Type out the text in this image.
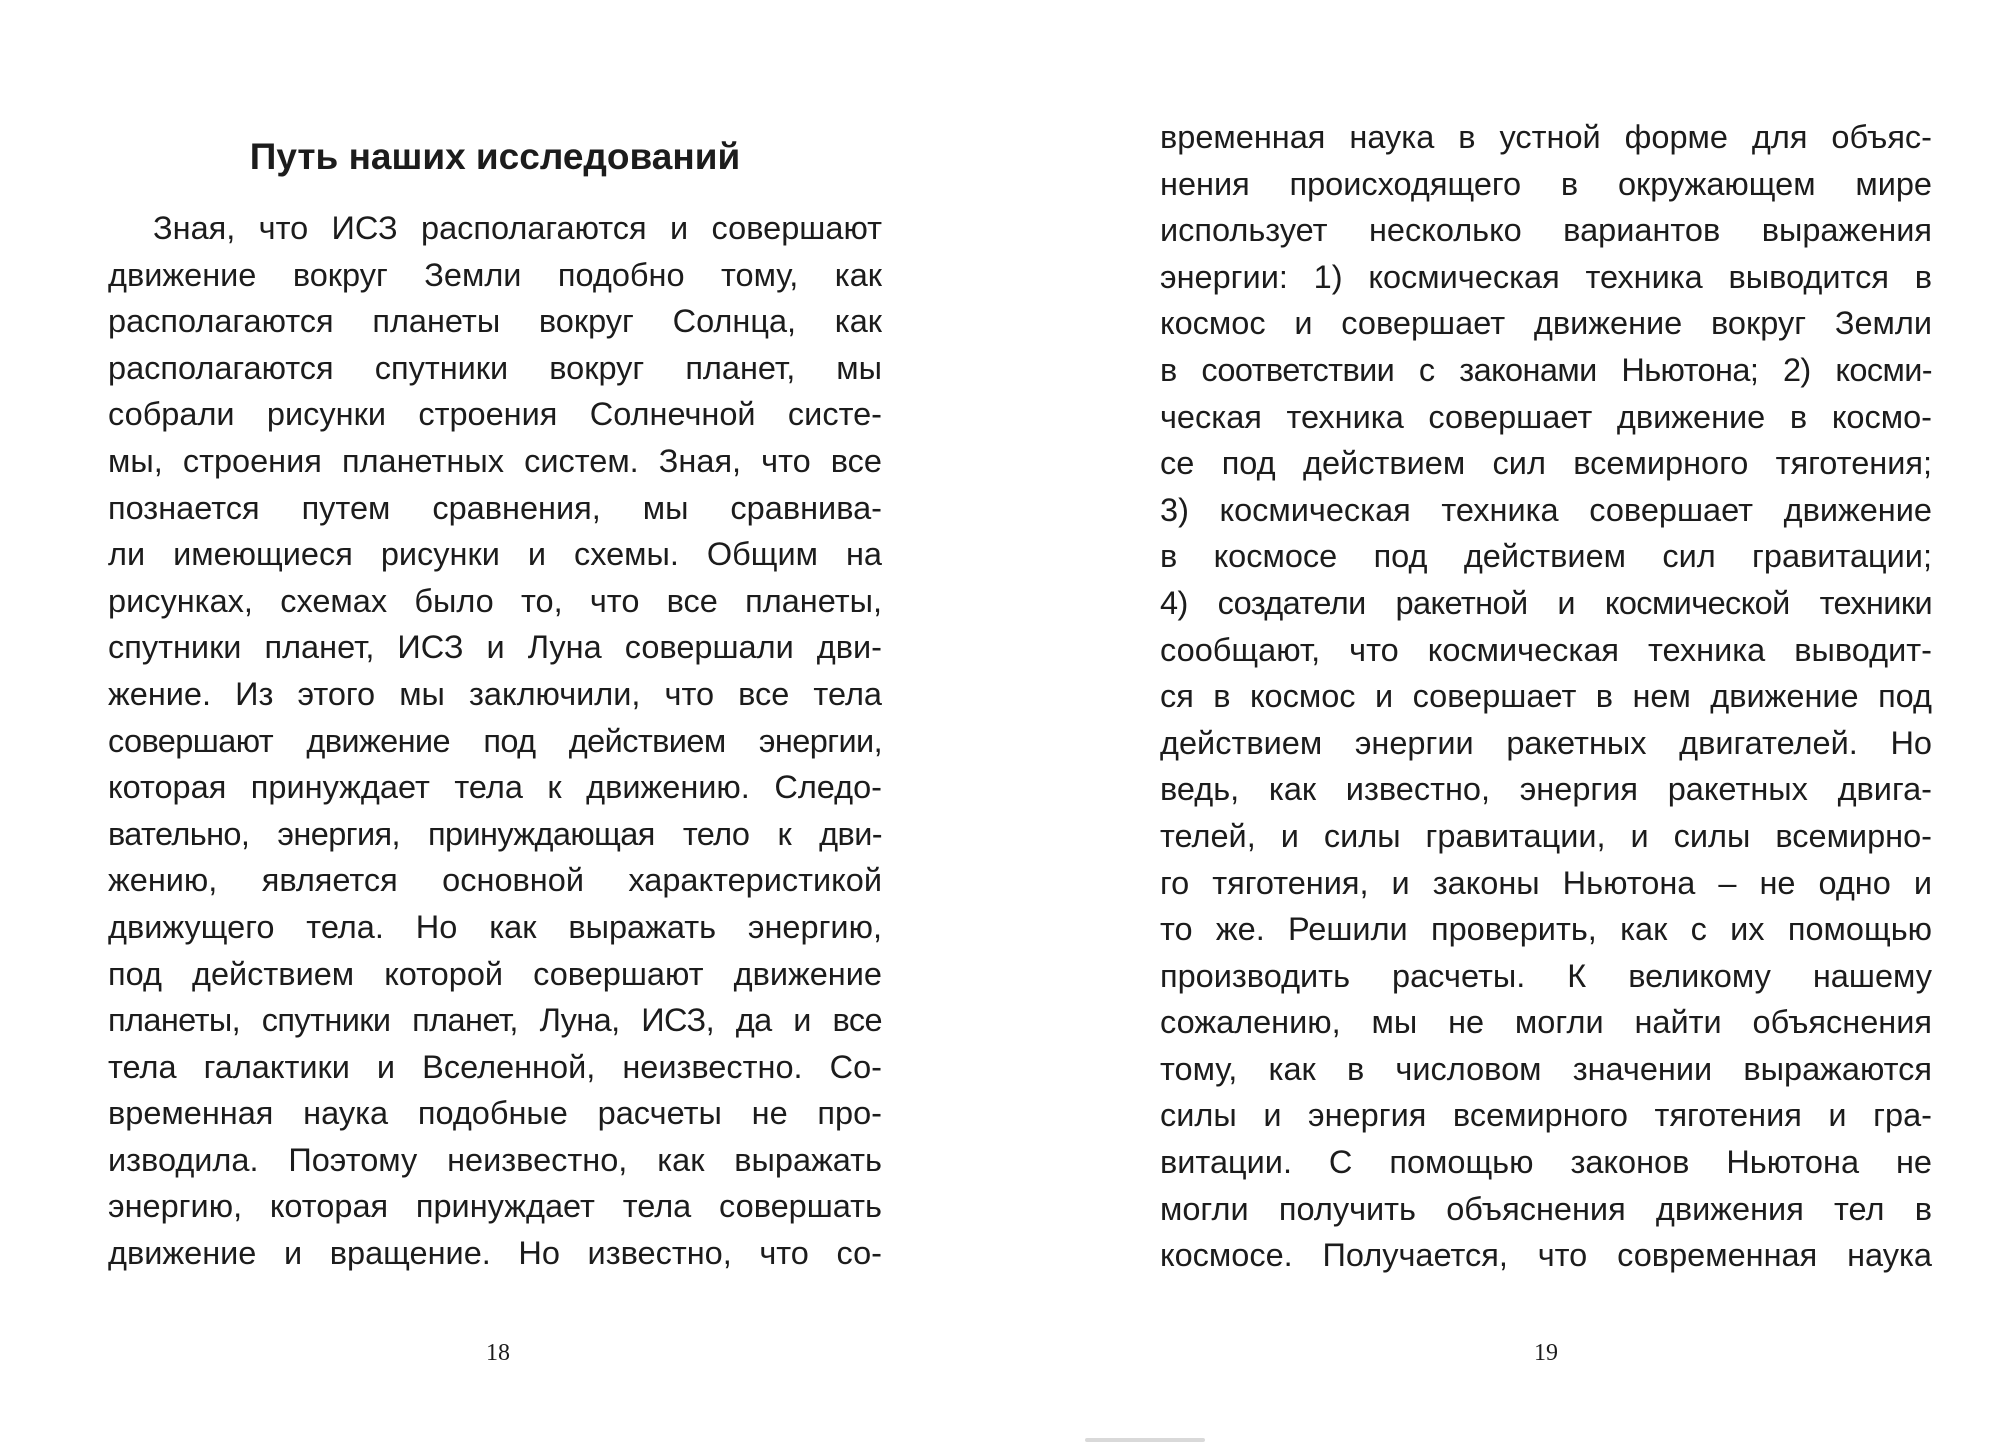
Путь наших исследований
Зная, что ИСЗ располагаются и совершают
движение вокруг Земли подобно тому, как
располагаются планеты вокруг Солнца, как
располагаются спутники вокруг планет, мы
собрали рисунки строения Солнечной систе-
мы, строения планетных систем. Зная, что все
познается путем сравнения, мы сравнива-
ли имеющиеся рисунки и схемы. Общим на
рисунках, схемах было то, что все планеты,
спутники планет, ИСЗ и Луна совершали дви-
жение. Из этого мы заключили, что все тела
совершают движение под действием энергии,
которая принуждает тела к движению. Следо-
вательно, энергия, принуждающая тело к дви-
жению, является основной характеристикой
движущего тела. Но как выражать энергию,
под действием которой совершают движение
планеты, спутники планет, Луна, ИСЗ, да и все
тела галактики и Вселенной, неизвестно. Со-
временная наука подобные расчеты не про-
изводила. Поэтому неизвестно, как выражать
энергию, которая принуждает тела совершать
движение и вращение. Но известно, что со-
18
временная наука в устной форме для объяс-
нения происходящего в окружающем мире
использует несколько вариантов выражения
энергии: 1) космическая техника выводится в
космос и совершает движение вокруг Земли
в соответствии с законами Ньютона; 2) косми-
ческая техника совершает движение в космо-
се под действием сил всемирного тяготения;
3) космическая техника совершает движение
в космосе под действием сил гравитации;
4) создатели ракетной и космической техники
сообщают, что космическая техника выводит-
ся в космос и совершает в нем движение под
действием энергии ракетных двигателей. Но
ведь, как известно, энергия ракетных двига-
телей, и силы гравитации, и силы всемирно-
го тяготения, и законы Ньютона – не одно и
то же. Решили проверить, как с их помощью
производить расчеты. К великому нашему
сожалению, мы не могли найти объяснения
тому, как в числовом значении выражаются
силы и энергия всемирного тяготения и гра-
витации. С помощью законов Ньютона не
могли получить объяснения движения тел в
космосе. Получается, что современная наука
19
